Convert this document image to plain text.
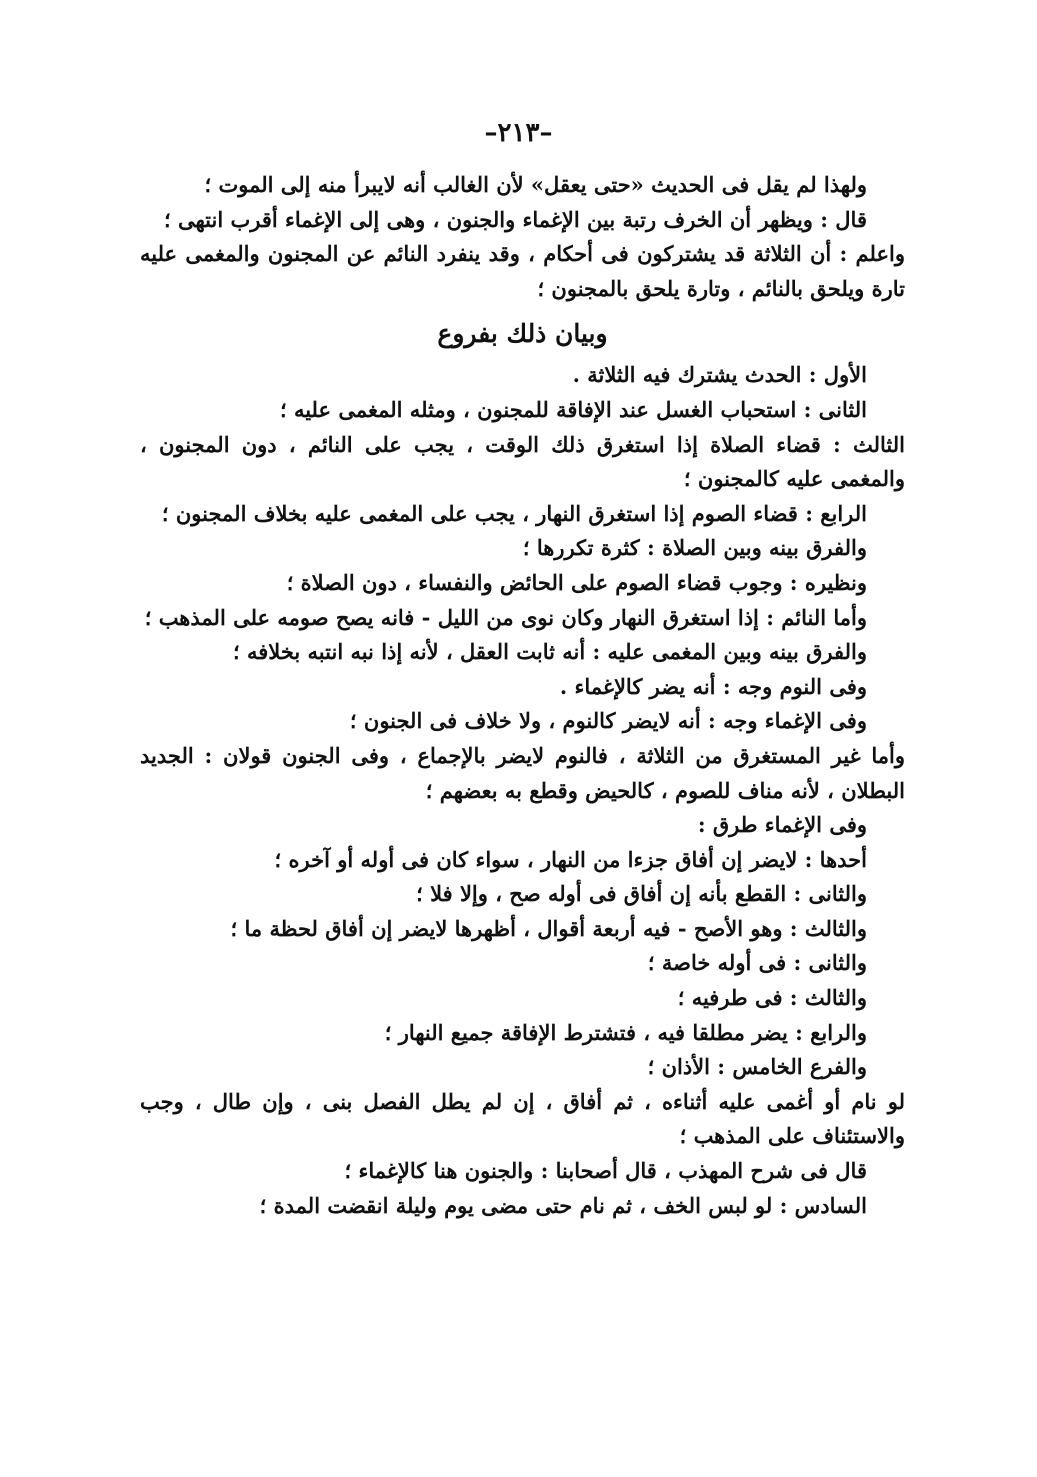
–٢١٣–
ولهذا لم يقل فى الحديث «حتى يعقل» لأن الغالب أنه لايبرأ منه إلى الموت ؛
قال : ويظهر أن الخرف رتبة بين الإغماء والجنون ، وهى إلى الإغماء أقرب انتهى ؛
واعلم : أن الثلاثة قد يشتركون فى أحكام ، وقد ينفرد النائم عن المجنون والمغمى عليه
تارة ويلحق بالنائم ، وتارة يلحق بالمجنون ؛
وبيان ذلك بفروع
الأول : الحدث يشترك فيه الثلاثة .
الثانى : استحباب الغسل عند الإفاقة للمجنون ، ومثله المغمى عليه ؛
الثالث : قضاء الصلاة إذا استغرق ذلك الوقت ، يجب على النائم ، دون المجنون ،
والمغمى عليه كالمجنون ؛
الرابع : قضاء الصوم إذا استغرق النهار ، يجب على المغمى عليه بخلاف المجنون ؛
والفرق بينه وبين الصلاة : كثرة تكررها ؛
ونظيره : وجوب قضاء الصوم على الحائض والنفساء ، دون الصلاة ؛
وأما النائم : إذا استغرق النهار وكان نوى من الليل - فانه يصح صومه على المذهب ؛
والفرق بينه وبين المغمى عليه : أنه ثابت العقل ، لأنه إذا نبه انتبه بخلافه ؛
وفى النوم وجه : أنه يضر كالإغماء .
وفى الإغماء وجه : أنه لايضر كالنوم ، ولا خلاف فى الجنون ؛
وأما غير المستغرق من الثلاثة ، فالنوم لايضر بالإجماع ، وفى الجنون قولان : الجديد
البطلان ، لأنه مناف للصوم ، كالحيض وقطع به بعضهم ؛
وفى الإغماء طرق :
أحدها : لايضر إن أفاق جزءا من النهار ، سواء كان فى أوله أو آخره ؛
والثانى : القطع بأنه إن أفاق فى أوله صح ، وإلا فلا ؛
والثالث : وهو الأصح - فيه أربعة أقوال ، أظهرها لايضر إن أفاق لحظة ما ؛
والثانى : فى أوله خاصة ؛
والثالث : فى طرفيه ؛
والرابع : يضر مطلقا فيه ، فتشترط الإفاقة جميع النهار ؛
والفرع الخامس : الأذان ؛
لو نام أو أغمى عليه أثناءه ، ثم أفاق ، إن لم يطل الفصل بنى ، وإن طال ، وجب
والاستئناف على المذهب ؛
قال فى شرح المهذب ، قال أصحابنا : والجنون هنا كالإغماء ؛
السادس : لو لبس الخف ، ثم نام حتى مضى يوم وليلة انقضت المدة ؛
